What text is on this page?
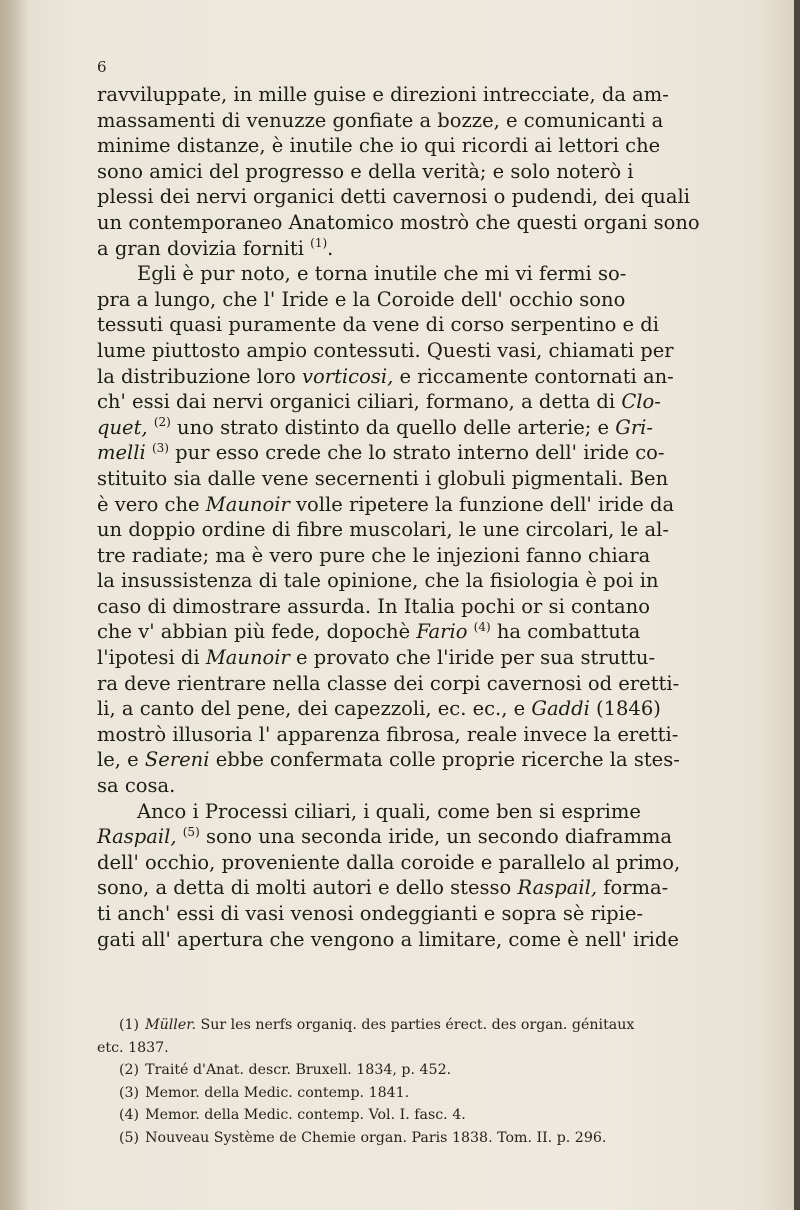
6
ravviluppate, in mille guise e direzioni intrecciate, da am-
massamenti di venuzze gonfiate a bozze, e comunicanti a
minime distanze, è inutile che io qui ricordi ai lettori che
sono amici del progresso e della verità; e solo noterò i
plessi dei nervi organici detti cavernosi o pudendi, dei quali
un contemporaneo Anatomico mostrò che questi organi sono
a gran dovizia forniti (1).
Egli è pur noto, e torna inutile che mi vi fermi so-
pra a lungo, che l' Iride e la Coroide dell' occhio sono
tessuti quasi puramente da vene di corso serpentino e di
lume piuttosto ampio contessuti. Questi vasi, chiamati per
la distribuzione loro vorticosi, e riccamente contornati an-
ch' essi dai nervi organici ciliari, formano, a detta di Clo-
quet, (2) uno strato distinto da quello delle arterie; e Gri-
melli (3) pur esso crede che lo strato interno dell' iride co-
stituito sia dalle vene secernenti i globuli pigmentali. Ben
è vero che Maunoir volle ripetere la funzione dell' iride da
un doppio ordine di fibre muscolari, le une circolari, le al-
tre radiate; ma è vero pure che le injezioni fanno chiara
la insussistenza di tale opinione, che la fisiologia è poi in
caso di dimostrare assurda. In Italia pochi or si contano
che v' abbian più fede, dopochè Fario (4) ha combattuta
l'ipotesi di Maunoir e provato che l'iride per sua struttu-
ra deve rientrare nella classe dei corpi cavernosi od eretti-
li, a canto del pene, dei capezzoli, ec. ec., e Gaddi (1846)
mostrò illusoria l' apparenza fibrosa, reale invece la eretti-
le, e Sereni ebbe confermata colle proprie ricerche la stes-
sa cosa.
Anco i Processi ciliari, i quali, come ben si esprime
Raspail, (5) sono una seconda iride, un secondo diaframma
dell' occhio, proveniente dalla coroide e parallelo al primo,
sono, a detta di molti autori e dello stesso Raspail, forma-
ti anch' essi di vasi venosi ondeggianti e sopra sè ripie-
gati all' apertura che vengono a limitare, come è nell' iride
(1) Müller. Sur les nerfs organiq. des parties érect. des organ. génitaux
etc. 1837.
(2) Traité d'Anat. descr. Bruxell. 1834, p. 452.
(3) Memor. della Medic. contemp. 1841.
(4) Memor. della Medic. contemp. Vol. I. fasc. 4.
(5) Nouveau Système de Chemie organ. Paris 1838. Tom. II. p. 296.
